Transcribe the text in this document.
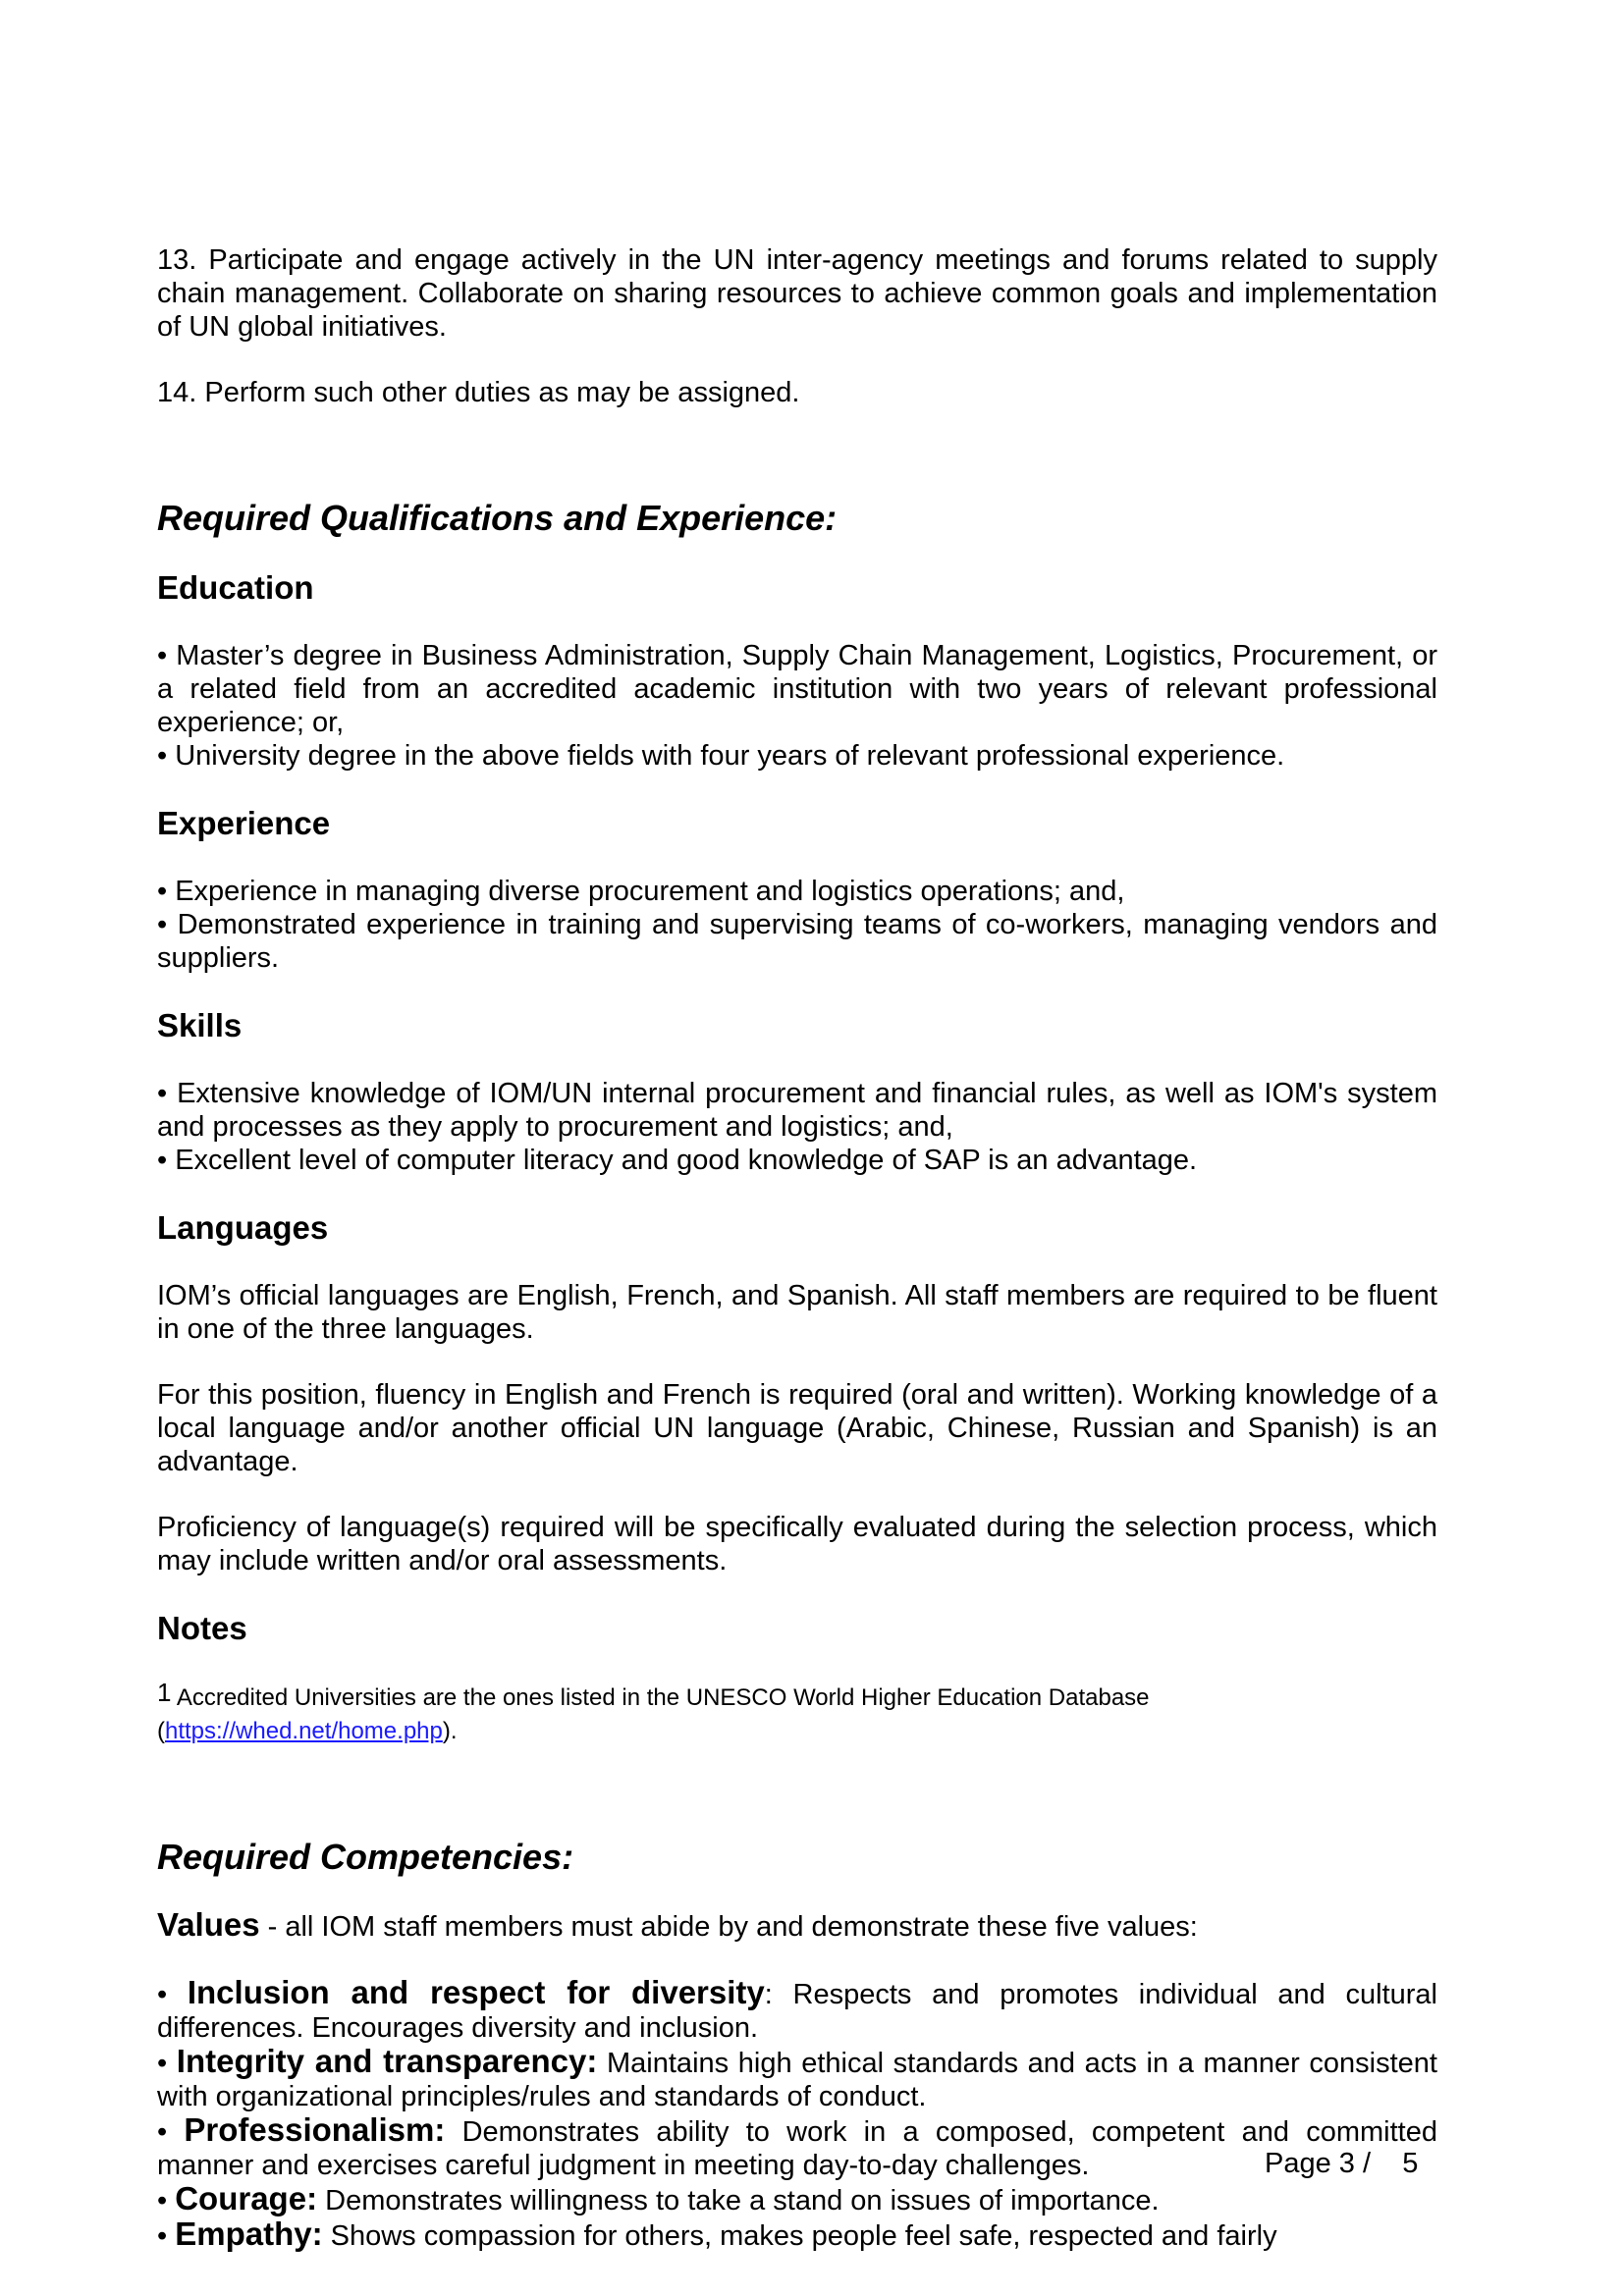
13. Participate and engage actively in the UN inter-agency meetings and forums related to supply chain management. Collaborate on sharing resources to achieve common goals and implementation of UN global initiatives.

14. Perform such other duties as may be assigned.

Required Qualifications and Experience:
Education

• Master’s degree in Business Administration, Supply Chain Management, Logistics, Procurement, or a related field from an accredited academic institution with two years of relevant professional experience; or,

• University degree in the above fields with four years of relevant professional experience.

Experience

• Experience in managing diverse procurement and logistics operations; and,

• Demonstrated experience in training and supervising teams of co-workers, managing vendors and suppliers.

Skills

• Extensive knowledge of IOM/UN internal procurement and financial rules, as well as IOM's system and processes as they apply to procurement and logistics; and,

• Excellent level of computer literacy and good knowledge of SAP is an advantage.

Languages

IOM’s official languages are English, French, and Spanish. All staff members are required to be fluent in one of the three languages.

For this position, fluency in English and French is required (oral and written). Working knowledge of a local language and/or another official UN language (Arabic, Chinese, Russian and Spanish) is an advantage.

Proficiency of language(s) required will be specifically evaluated during the selection process, which may include written and/or oral assessments.

Notes

$^1$ Accredited Universities are the ones listed in the UNESCO World Higher Education Database

(https://whed.net/home.php).

Required Competencies:

Values - all IOM staff members must abide by and demonstrate these five values:

• Inclusion and respect for diversity: Respects and promotes individual and cultural differences. Encourages diversity and inclusion.

• Integrity and transparency: Maintains high ethical standards and acts in a manner consistent with organizational principles/rules and standards of conduct.

• Professionalism: Demonstrates ability to work in a composed, competent and committed manner and exercises careful judgment in meeting day-to-day challenges.

• Courage: Demonstrates willingness to take a stand on issues of importance.

• Empathy: Shows compassion for others, makes people feel safe, respected and fairly

Page 3 / 5
